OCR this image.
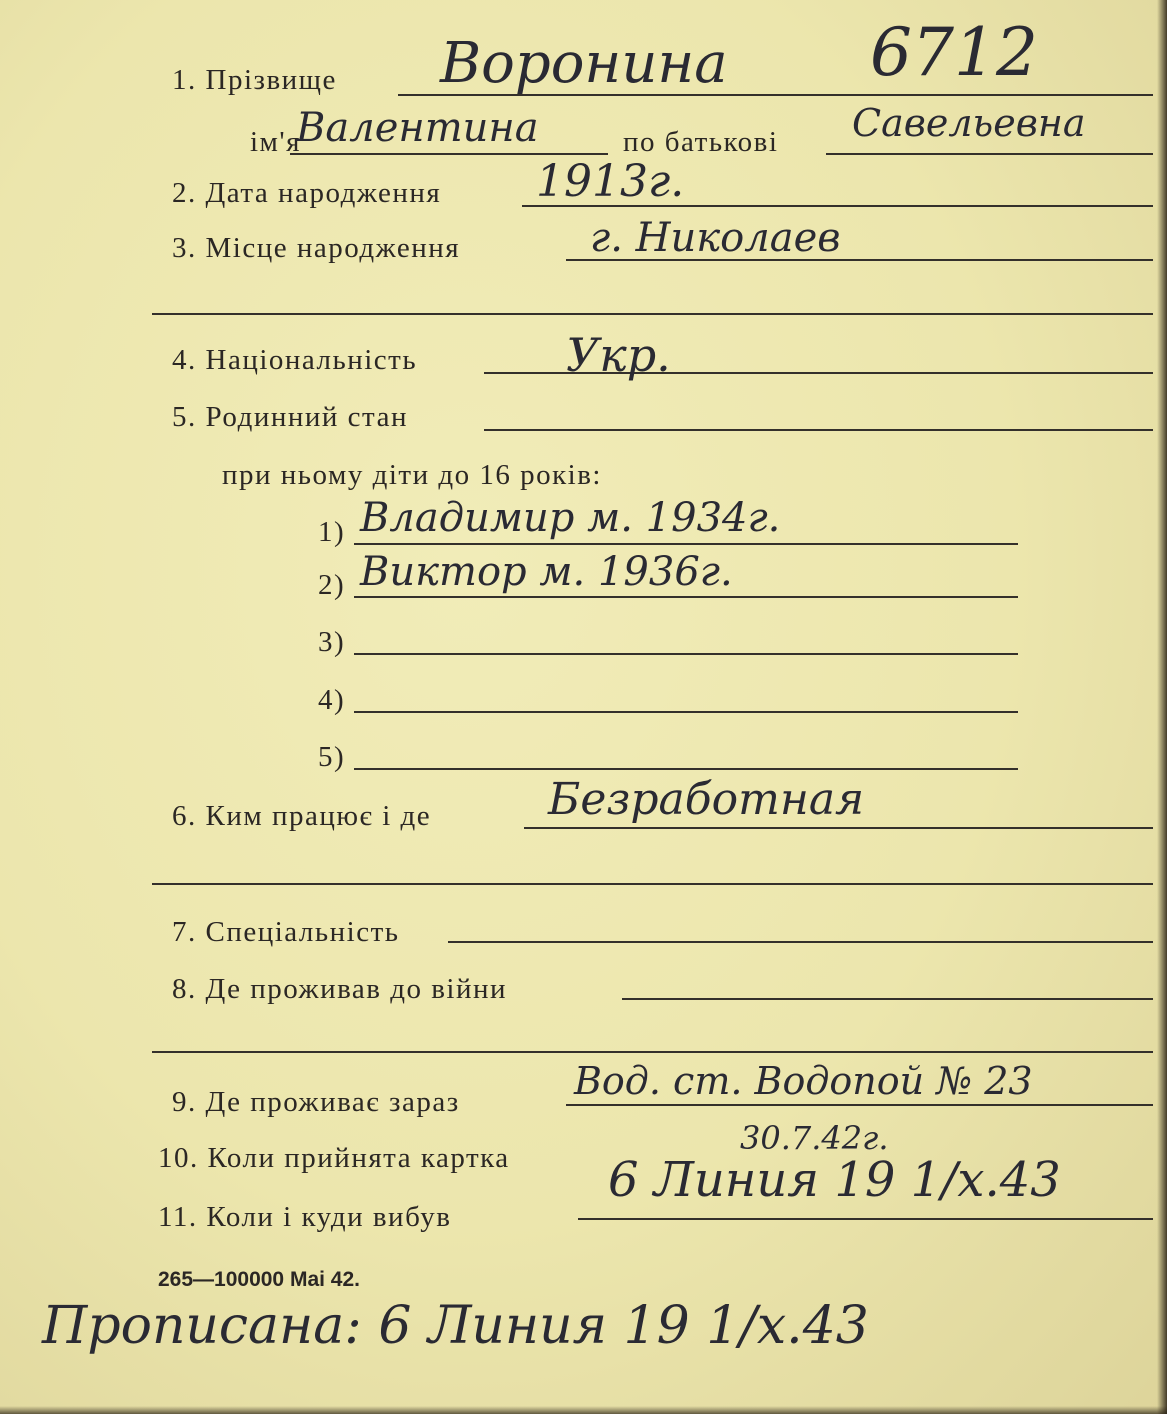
1. Прізвище Воронина 6712
ім'я
Валентина	по батькові Савельевна
2. Дата народження 1913г.
3. Місце народження	г. Николаев
4. Національність	Укр.
5. Родинний стан
при ньому діти до 16 років:
1) Владимир м. 1934г.
2) Виктор м. 1936г.
3)
4)
5)
6. Ким працює і де	Безработная
7. Спеціальність
8. Де проживав до війни
9. Де проживає зараз	Вод. ст. Водопой № 23
10. Коли прийнята картка
30.7.42г.
11. Коли і куди вибув
6 Линия 19 1/х.43
265—100000 Mai 42.
Прописана: 6 Линия 19 1/х.43
